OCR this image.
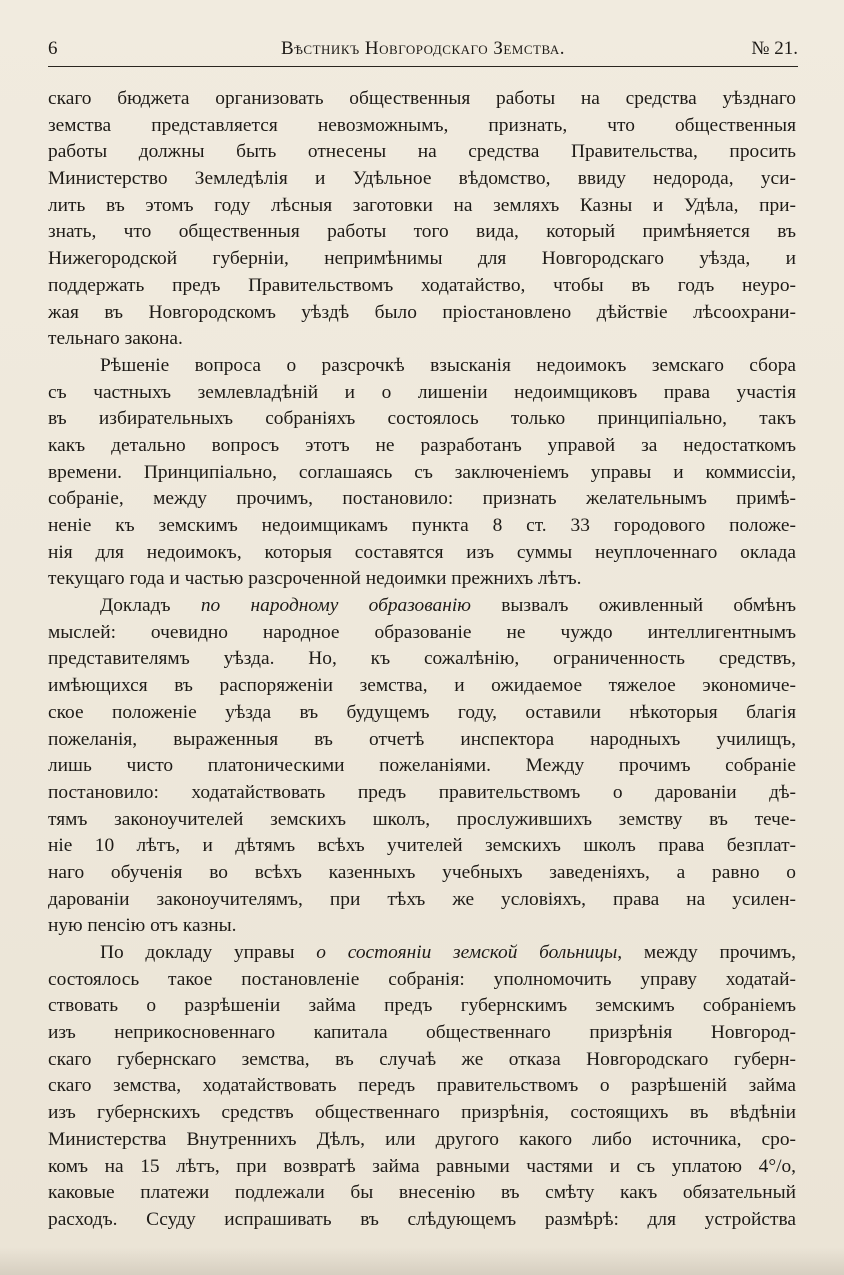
6	Вѣстникъ Новгородскаго Земства.	№ 21.
скаго бюджета организовать общественныя работы на средства уѣзднаго
земства представляется невозможнымъ, признать, что общественныя
работы должны быть отнесены на средства Правительства, просить
Министерство Земледѣлія и Удѣльное вѣдомство, ввиду недорода, уси-
лить въ этомъ году лѣсныя заготовки на земляхъ Казны и Удѣла, при-
знать, что общественныя работы того вида, который примѣняется въ
Нижегородской губерніи, непримѣнимы для Новгородскаго уѣзда, и
поддержать предъ Правительствомъ ходатайство, чтобы въ годъ неуро-
жая въ Новгородскомъ уѣздѣ было пріостановлено дѣйствіе лѣсоохрани-
тельнаго закона.
Рѣшеніе вопроса о разсрочкѣ взысканія недоимокъ земскаго сбора
съ частныхъ землевладѣній и о лишеніи недоимщиковъ права участія
въ избирательныхъ собраніяхъ состоялось только принципіально, такъ
какъ детально вопросъ этотъ не разработанъ управой за недостаткомъ
времени. Принципіально, соглашаясь съ заключеніемъ управы и коммиссіи,
собраніе, между прочимъ, постановило: признать желательнымъ примѣ-
неніе къ земскимъ недоимщикамъ пункта 8 ст. 33 городового положе-
нія для недоимокъ, которыя составятся изъ суммы неуплоченнаго оклада
текущаго года и частью разсроченной недоимки прежнихъ лѣтъ.
Докладъ по народному образованію вызвалъ оживленный обмѣнъ
мыслей: очевидно народное образованіе не чуждо интеллигентнымъ
представителямъ уѣзда. Но, къ сожалѣнію, ограниченность средствъ,
имѣющихся въ распоряженіи земства, и ожидаемое тяжелое экономиче-
ское положеніе уѣзда въ будущемъ году, оставили нѣкоторыя благія
пожеланія, выраженныя въ отчетѣ инспектора народныхъ училищъ,
лишь чисто платоническими пожеланіями. Между прочимъ собраніе
постановило: ходатайствовать предъ правительствомъ о дарованіи дѣ-
тямъ законоучителей земскихъ школъ, прослужившихъ земству въ тече-
ніе 10 лѣтъ, и дѣтямъ всѣхъ учителей земскихъ школъ права безплат-
наго обученія во всѣхъ казенныхъ учебныхъ заведеніяхъ, а равно о
дарованіи законоучителямъ, при тѣхъ же условіяхъ, права на усилен-
ную пенсію отъ казны.
По докладу управы о состояніи земской больницы, между прочимъ,
состоялось такое постановленіе собранія: уполномочить управу ходатай-
ствовать о разрѣшеніи займа предъ губернскимъ земскимъ собраніемъ
изъ неприкосновеннаго капитала общественнаго призрѣнія Новгород-
скаго губернскаго земства, въ случаѣ же отказа Новгородскаго губерн-
скаго земства, ходатайствовать передъ правительствомъ о разрѣшеній займа
изъ губернскихъ средствъ общественнаго призрѣнія, состоящихъ въ вѣдѣніи
Министерства Внутреннихъ Дѣлъ, или другого какого либо источника, сро-
комъ на 15 лѣтъ, при возвратѣ займа равными частями и съ уплатою 4°/о,
каковые платежи подлежали бы внесенію въ смѣту какъ обязательный
расходъ. Ссуду испрашивать въ слѣдующемъ размѣрѣ: для устройства
